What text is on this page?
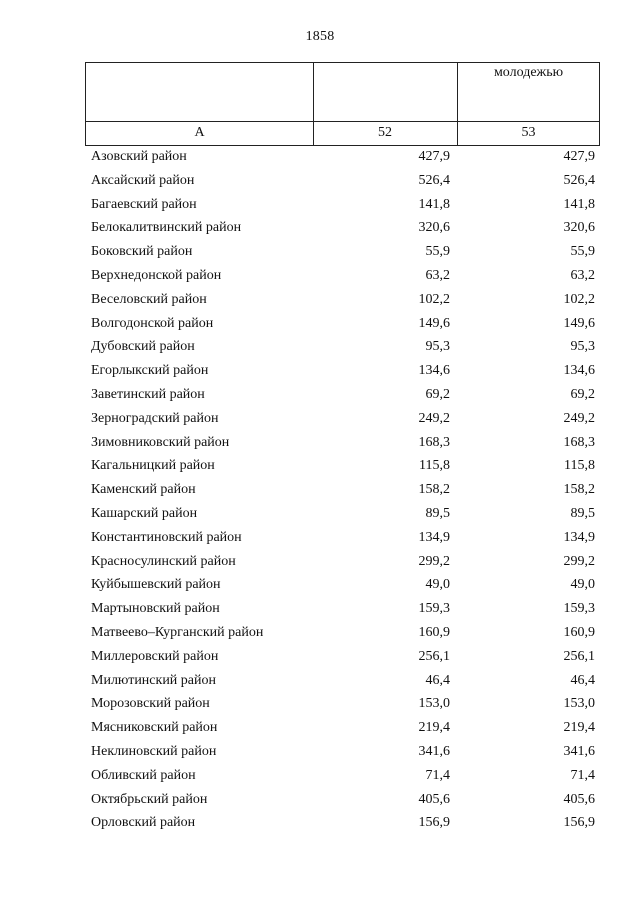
1858
молодежью
А	52	53
Азовский район	427,9	427,9
Аксайский район	526,4	526,4
Багаевский район	141,8	141,8
Белокалитвинский район	320,6	320,6
Боковский район	55,9	55,9
Верхнедонской район	63,2	63,2
Веселовский район	102,2	102,2
Волгодонской район	149,6	149,6
Дубовский район	95,3	95,3
Егорлыкский район	134,6	134,6
Заветинский район	69,2	69,2
Зерноградский район	249,2	249,2
Зимовниковский район	168,3	168,3
Кагальницкий район	115,8	115,8
Каменский район	158,2	158,2
Кашарский район	89,5	89,5
Константиновский район	134,9	134,9
Красносулинский район	299,2	299,2
Куйбышевский район	49,0	49,0
Мартыновский район	159,3	159,3
Матвеево–Курганский район	160,9	160,9
Миллеровский район	256,1	256,1
Милютинский район	46,4	46,4
Морозовский район	153,0	153,0
Мясниковский район	219,4	219,4
Неклиновский район	341,6	341,6
Обливский район	71,4	71,4
Октябрьский район	405,6	405,6
Орловский район	156,9	156,9
